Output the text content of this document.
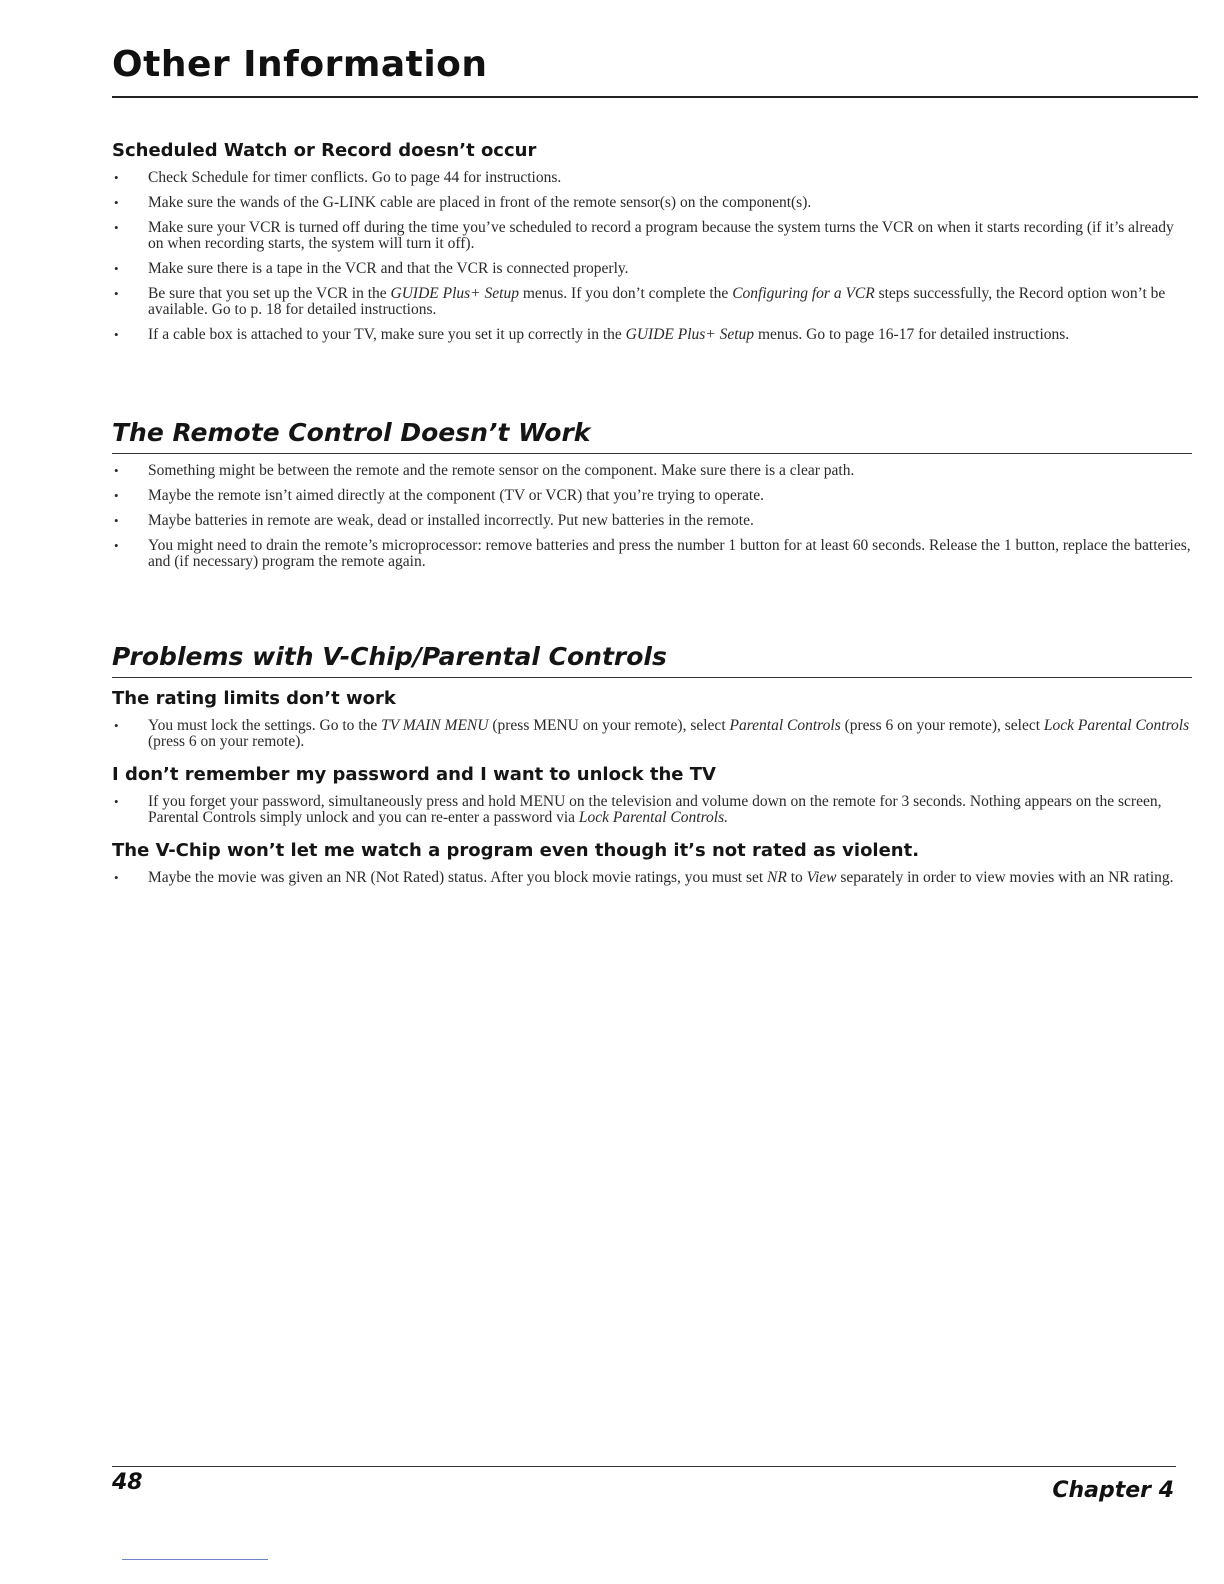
Other Information
Scheduled Watch or Record doesn’t occur
• Check Schedule for timer conflicts. Go to page 44 for instructions.
• Make sure the wands of the G-LINK cable are placed in front of the remote sensor(s) on the component(s).
• Make sure your VCR is turned off during the time you’ve scheduled to record a program because the system turns the VCR on when it starts recording (if it’s already on when recording starts, the system will turn it off).
• Make sure there is a tape in the VCR and that the VCR is connected properly.
• Be sure that you set up the VCR in the GUIDE Plus+ Setup menus. If you don’t complete the Configuring for a VCR steps successfully, the Record option won’t be available. Go to p. 18 for detailed instructions.
• If a cable box is attached to your TV, make sure you set it up correctly in the GUIDE Plus+ Setup menus. Go to page 16-17 for detailed instructions.
The Remote Control Doesn’t Work
• Something might be between the remote and the remote sensor on the component. Make sure there is a clear path.
• Maybe the remote isn’t aimed directly at the component (TV or VCR) that you’re trying to operate.
• Maybe batteries in remote are weak, dead or installed incorrectly. Put new batteries in the remote.
• You might need to drain the remote’s microprocessor: remove batteries and press the number 1 button for at least 60 seconds. Release the 1 button, replace the batteries, and (if necessary) program the remote again.
Problems with V-Chip/Parental Controls
The rating limits don’t work
• You must lock the settings. Go to the TV MAIN MENU (press MENU on your remote), select Parental Controls (press 6 on your remote), select Lock Parental Controls (press 6 on your remote).
I don’t remember my password and I want to unlock the TV
• If you forget your password, simultaneously press and hold MENU on the television and volume down on the remote for 3 seconds. Nothing appears on the screen, Parental Controls simply unlock and you can re-enter a password via Lock Parental Controls.
The V-Chip won’t let me watch a program even though it’s not rated as violent.
• Maybe the movie was given an NR (Not Rated) status. After you block movie ratings, you must set NR to View separately in order to view movies with an NR rating.
48	Chapter 4
